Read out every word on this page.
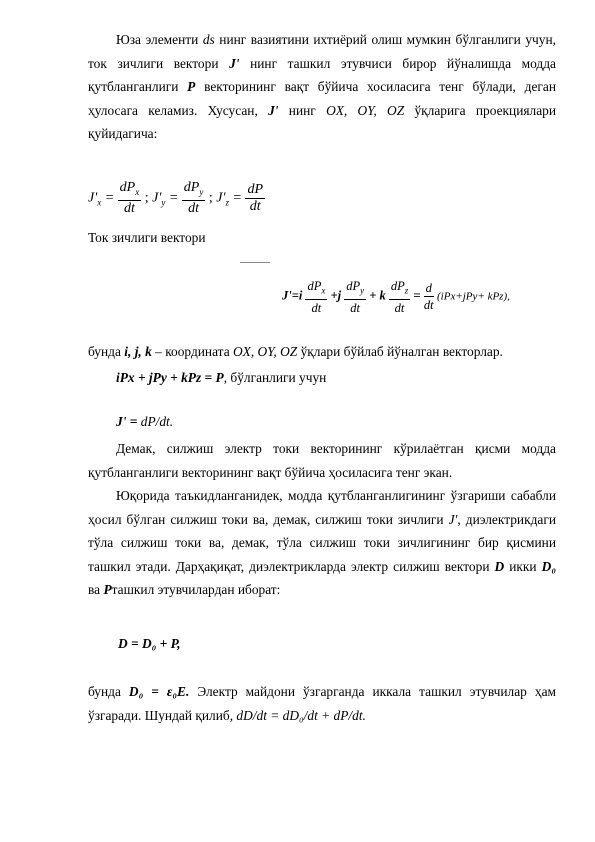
Юза элементи ds нинг вазиятини ихтиёрий олиш мумкин бўлганлиги учун, ток зичлиги вектори J' нинг ташкил этувчиси бирор йўналишда модда қутбланганлиги P векторининг вақт бўйича хосиласига тенг бўлади, деган ҳулосага келамиз. Хусусан, J' нинг OX, OY, OZ ўқларига проекциялари қуйидагича:

$J'_x = \frac{dP_x}{dt}$ ; $J'_y = \frac{dP_y}{dt}$ ; $J'_z = \frac{dP}{dt}$
Ток зичлиги вектори
$J'=i \frac{dP_x}{dt} +j \frac{dP_y}{dt} + k \frac{dP_z}{dt} = \frac{d}{dt} (iPx+jPy+ kPz)$,
бунда i, j, k – координата OX, OY, OZ ўқлари бўйлаб йўналган векторлар.
iPx + jPy + kPz = P, бўлганлиги учун
J' = dP/dt.

Демак, силжиш электр токи векторининг кўрилаётган қисми модда қутбланганлиги векторининг вақт бўйича ҳосиласига тенг экан.

Юқорида таъкидланганидек, модда қутбланганлигининг ўзгариши сабабли ҳосил бўлган силжиш токи ва, демак, силжиш токи зичлиги J', диэлектрикдаги тўла силжиш токи ва, демак, тўла силжиш токи зичлигининг бир қисмини ташкил этади. Дарҳақиқат, диэлектрикларда электр силжиш вектори D икки D₀ ва Pташкил этувчилардан иборат:

D = D₀ + P,

бунда D₀ = ε₀E. Электр майдони ўзгарганда иккала ташкил этувчилар ҳам ўзгаради. Шундай қилиб, dD/dt = dD₀/dt + dP/dt.
